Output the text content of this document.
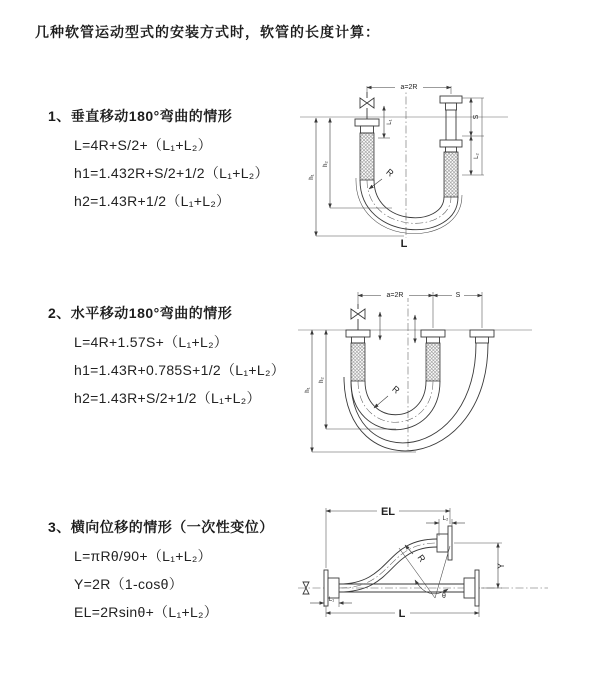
几种软管运动型式的安装方式时，软管的长度计算：
1、垂直移动180°弯曲的情形
L=4R+S/2+（L₁+L₂）
h1=1.432R+S/2+1/2（L₁+L₂）
h2=1.43R+1/2（L₁+L₂）
2、水平移动180°弯曲的情形
L=4R+1.57S+（L₁+L₂）
h1=1.43R+0.785S+1/2（L₁+L₂）
h2=1.43R+S/2+1/2（L₁+L₂）
3、横向位移的情形（一次性变位）
L=πRθ/90+（L₁+L₂）
Y=2R（1-cosθ）
EL=2Rsinθ+（L₁+L₂）
a=2R
L₁
S
L₂
h₁
h₂
R
L
a=2R	S
h₁
h₂
R
EL
L₂
Y
L₁
L
θ
R
